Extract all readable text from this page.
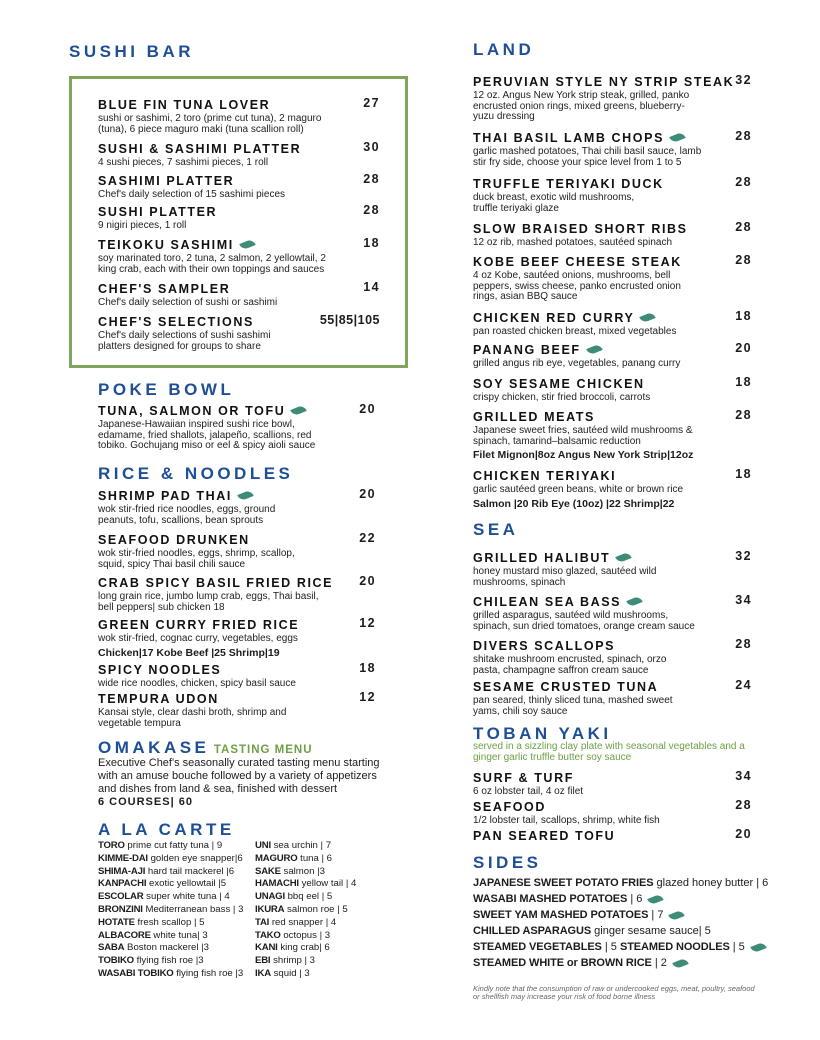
SUSHI BAR
BLUE FIN TUNA LOVER	27
sushi or sashimi, 2 toro (prime cut tuna), 2 maguro (tuna), 6 piece maguro maki (tuna scallion roll)
SUSHI & SASHIMI PLATTER	30
4 sushi pieces, 7 sashimi pieces, 1 roll
SASHIMI PLATTER	28
Chef's daily selection of 15 sashimi pieces
SUSHI PLATTER	28
9 nigiri pieces, 1 roll
TEIKOKU SASHIMI	18
soy marinated toro, 2 tuna, 2 salmon, 2 yellowtail, 2 king crab, each with their own toppings and sauces
CHEF'S SAMPLER	14
Chef's daily selection of sushi or sashimi
CHEF'S SELECTIONS	55|85|105
Chef's daily selections of sushi sashimi platters designed for groups to share
POKE BOWL
TUNA, SALMON OR TOFU	20
Japanese-Hawaiian inspired sushi rice bowl, edamame, fried shallots, jalapeño, scallions, red tobiko. Gochujang miso or eel & spicy aioli sauce
RICE & NOODLES
SHRIMP PAD THAI	20
wok stir-fried rice noodles, eggs, ground peanuts, tofu, scallions, bean sprouts
SEAFOOD DRUNKEN	22
wok stir-fried noodles, eggs, shrimp, scallop, squid, spicy Thai basil chili sauce
CRAB SPICY BASIL FRIED RICE	20
long grain rice, jumbo lump crab, eggs, Thai basil, bell peppers| sub chicken 18
GREEN CURRY FRIED RICE	12
wok stir-fried, cognac curry, vegetables, eggs
Chicken|17 Kobe Beef |25 Shrimp|19
SPICY NOODLES	18
wide rice noodles, chicken, spicy basil sauce
TEMPURA UDON	12
Kansai style, clear dashi broth, shrimp and vegetable tempura
OMAKASE TASTING MENU
Executive Chef's seasonally curated tasting menu starting with an amuse bouche followed by a variety of appetizers and dishes from land & sea, finished with dessert
6 COURSES| 60
A LA CARTE
TORO prime cut fatty tuna | 9
KIMME-DAI golden eye snapper|6
SHIMA-AJI hard tail mackerel |6
KANPACHI exotic yellowtail |5
ESCOLAR super white tuna | 4
BRONZINI Mediterranean bass | 3
HOTATE fresh scallop | 5
ALBACORE white tuna| 3
SABA Boston mackerel |3
TOBIKO flying fish roe |3
WASABI TOBIKO flying fish roe |3
UNI sea urchin | 7
MAGURO tuna | 6
SAKE salmon |3
HAMACHI yellow tail | 4
UNAGI bbq eel | 5
IKURA salmon roe | 5
TAI red snapper | 4
TAKO octopus | 3
KANI king crab| 6
EBI shrimp | 3
IKA squid | 3
LAND
PERUVIAN STYLE NY STRIP STEAK 32
12 oz. Angus New York strip steak, grilled, panko encrusted onion rings, mixed greens, blueberry-yuzu dressing
THAI BASIL LAMB CHOPS	28
garlic mashed potatoes, Thai chili basil sauce, lamb stir fry side, choose your spice level from 1 to 5
TRUFFLE TERIYAKI DUCK	28
duck breast, exotic wild mushrooms, truffle teriyaki glaze
SLOW BRAISED SHORT RIBS	28
12 oz rib, mashed potatoes, sautéed spinach
KOBE BEEF CHEESE STEAK	28
4 oz Kobe, sautéed onions, mushrooms, bell peppers, swiss cheese, panko encrusted onion rings, asian BBQ sauce
CHICKEN RED CURRY	18
pan roasted chicken breast, mixed vegetables
PANANG BEEF	20
grilled angus rib eye, vegetables, panang curry
SOY SESAME CHICKEN	18
crispy chicken, stir fried broccoli, carrots
GRILLED MEATS	28
Japanese sweet fries, sautéed wild mushrooms & spinach, tamarind–balsamic reduction
Filet Mignon|8oz Angus New York Strip|12oz
CHICKEN TERIYAKI	18
garlic sautéed green beans, white or brown rice
Salmon |20 Rib Eye (10oz) |22 Shrimp|22
SEA
GRILLED HALIBUT	32
honey mustard miso glazed, sautéed wild mushrooms, spinach
CHILEAN SEA BASS	34
grilled asparagus, sautéed wild mushrooms, spinach, sun dried tomatoes, orange cream sauce
DIVERS SCALLOPS	28
shitake mushroom encrusted, spinach, orzo pasta, champagne saffron cream sauce
SESAME CRUSTED TUNA	24
pan seared, thinly sliced tuna, mashed sweet yams, chili soy sauce
TOBAN YAKI
served in a sizzling clay plate with seasonal vegetables and a ginger garlic truffle butter soy sauce
SURF & TURF	34
6 oz lobster tail, 4 oz filet
SEAFOOD	28
1/2 lobster tail, scallops, shrimp, white fish
PAN SEARED TOFU	20
SIDES
JAPANESE SWEET POTATO FRIES glazed honey butter | 6
WASABI MASHED POTATOES | 6
SWEET YAM MASHED POTATOES | 7
CHILLED ASPARAGUS ginger sesame sauce| 5
STEAMED VEGETABLES | 5 STEAMED NOODLES | 5
STEAMED WHITE or BROWN RICE | 2
Kindly note that the consumption of raw or undercooked eggs, meat, poultry, seafood or shellfish may increase your risk of food borne illness
